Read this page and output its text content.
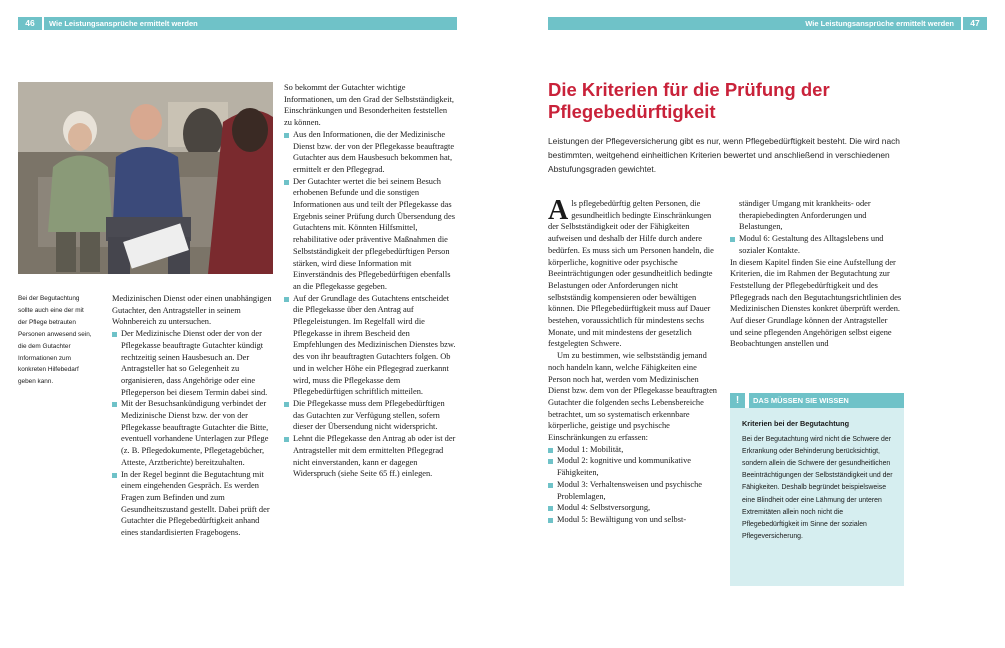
46	Wie Leistungsansprüche ermittelt werden	Wie Leistungsansprüche ermittelt werden	47

Bei der Begutachtung sollte auch eine der mit der Pflege betrauten Personen anwesend sein, die dem Gutachter Informationen zum konkreten Hilfebedarf geben kann.

Medizinischen Dienst oder einen unabhängigen Gutachter, den Antragsteller in seinem Wohnbereich zu untersuchen.

Der Medizinische Dienst oder der von der Pflegekasse beauftragte Gutachter kündigt rechtzeitig seinen Hausbesuch an. Der Antragsteller hat so Gelegenheit zu organisieren, dass Angehörige oder eine Pflegeperson bei diesem Termin dabei sind.

Mit der Besuchsankündigung verbindet der Medizinische Dienst bzw. der von der Pflegekasse beauftragte Gutachter die Bitte, eventuell vorhandene Unterlagen zur Pflege (z. B. Pflegedokumente, Pflegetagebücher, Atteste, Arztberichte) bereitzuhalten.

In der Regel beginnt die Begutachtung mit einem eingehenden Gespräch. Es werden Fragen zum Befinden und zum Gesundheitszustand gestellt. Dabei prüft der Gutachter die Pflegebedürftigkeit anhand eines standardisierten Fragebogens.

So bekommt der Gutachter wichtige Informationen, um den Grad der Selbstständigkeit, Einschränkungen und Besonderheiten feststellen zu können.

Aus den Informationen, die der Medizinische Dienst bzw. der von der Pflegekasse beauftragte Gutachter aus dem Hausbesuch bekommen hat, ermittelt er den Pflegegrad.

Der Gutachter wertet die bei seinem Besuch erhobenen Befunde und die sonstigen Informationen aus und teilt der Pflegekasse das Ergebnis seiner Prüfung durch Übersendung des Gutachtens mit. Könnten Hilfsmittel, rehabilitative oder präventive Maßnahmen die Selbstständigkeit der pflegebedürftigen Person stärken, wird diese Information mit Einverständnis des Pflegebedürftigen ebenfalls an die Pflegekasse gegeben.

Auf der Grundlage des Gutachtens entscheidet die Pflegekasse über den Antrag auf Pflegeleistungen. Im Regelfall wird die Pflegekasse in ihrem Bescheid den Empfehlungen des Medizinischen Dienstes bzw. des von ihr beauftragten Gutachters folgen. Ob und in welcher Höhe ein Pflegegrad zuerkannt wird, muss die Pflegekasse dem Pflegebedürftigen schriftlich mitteilen.

Die Pflegekasse muss dem Pflegebedürftigen das Gutachten zur Verfügung stellen, sofern dieser der Übersendung nicht widerspricht.

Lehnt die Pflegekasse den Antrag ab oder ist der Antragsteller mit dem ermittelten Pflegegrad nicht einverstanden, kann er dagegen Widerspruch (siehe Seite 65 ff.) einlegen.

Die Kriterien für die Prüfung der Pflegebedürftigkeit

Leistungen der Pflegeversicherung gibt es nur, wenn Pflegebedürftigkeit besteht. Die wird nach bestimmten, weitgehend einheitlichen Kriterien bewertet und anschließend in verschiedenen Abstufungsgraden gewichtet.

Als pflegebedürftig gelten Personen, die gesundheitlich bedingte Einschränkungen der Selbstständigkeit oder der Fähigkeiten aufweisen und deshalb der Hilfe durch andere bedürfen. Es muss sich um Personen handeln, die körperliche, kognitive oder psychische Beeinträchtigungen oder gesundheitlich bedingte Belastungen oder Anforderungen nicht selbstständig kompensieren oder bewältigen können. Die Pflegebedürftigkeit muss auf Dauer bestehen, voraussichtlich für mindestens sechs Monate, und mit mindestens der gesetzlich festgelegten Schwere.

Um zu bestimmen, wie selbstständig jemand noch handeln kann, welche Fähigkeiten eine Person noch hat, werden vom Medizinischen Dienst bzw. dem von der Pflegekasse beauftragten Gutachter die folgenden sechs Lebensbereiche betrachtet, um so systematisch erkennbare körperliche, geistige und psychische Einschränkungen zu erfassen:

Modul 1: Mobilität,

Modul 2: kognitive und kommunikative Fähigkeiten,

Modul 3: Verhaltensweisen und psychische Problemlagen,

Modul 4: Selbstversorgung,

Modul 5: Bewältigung von und selbst-

ständiger Umgang mit krankheits- oder therapiebedingten Anforderungen und Belastungen,

Modul 6: Gestaltung des Alltagslebens und sozialer Kontakte.

In diesem Kapitel finden Sie eine Aufstellung der Kriterien, die im Rahmen der Begutachtung zur Feststellung der Pflegebedürftigkeit und des Pflegegrads nach den Begutachtungsrichtlinien des Medizinischen Dienstes konkret überprüft werden. Auf dieser Grundlage können der Antragsteller und seine pflegenden Angehörigen selbst eigene Beobachtungen anstellen und

!	DAS MÜSSEN SIE WISSEN

Kriterien bei der Begutachtung

Bei der Begutachtung wird nicht die Schwere der Erkrankung oder Behinderung berücksichtigt, sondern allein die Schwere der gesundheitlichen Beeinträchtigungen der Selbstständigkeit und der Fähigkeiten. Deshalb begründet beispielsweise eine Blindheit oder eine Lähmung der unteren Extremitäten allein noch nicht die Pflegebedürftigkeit im Sinne der sozialen Pflegeversicherung.
